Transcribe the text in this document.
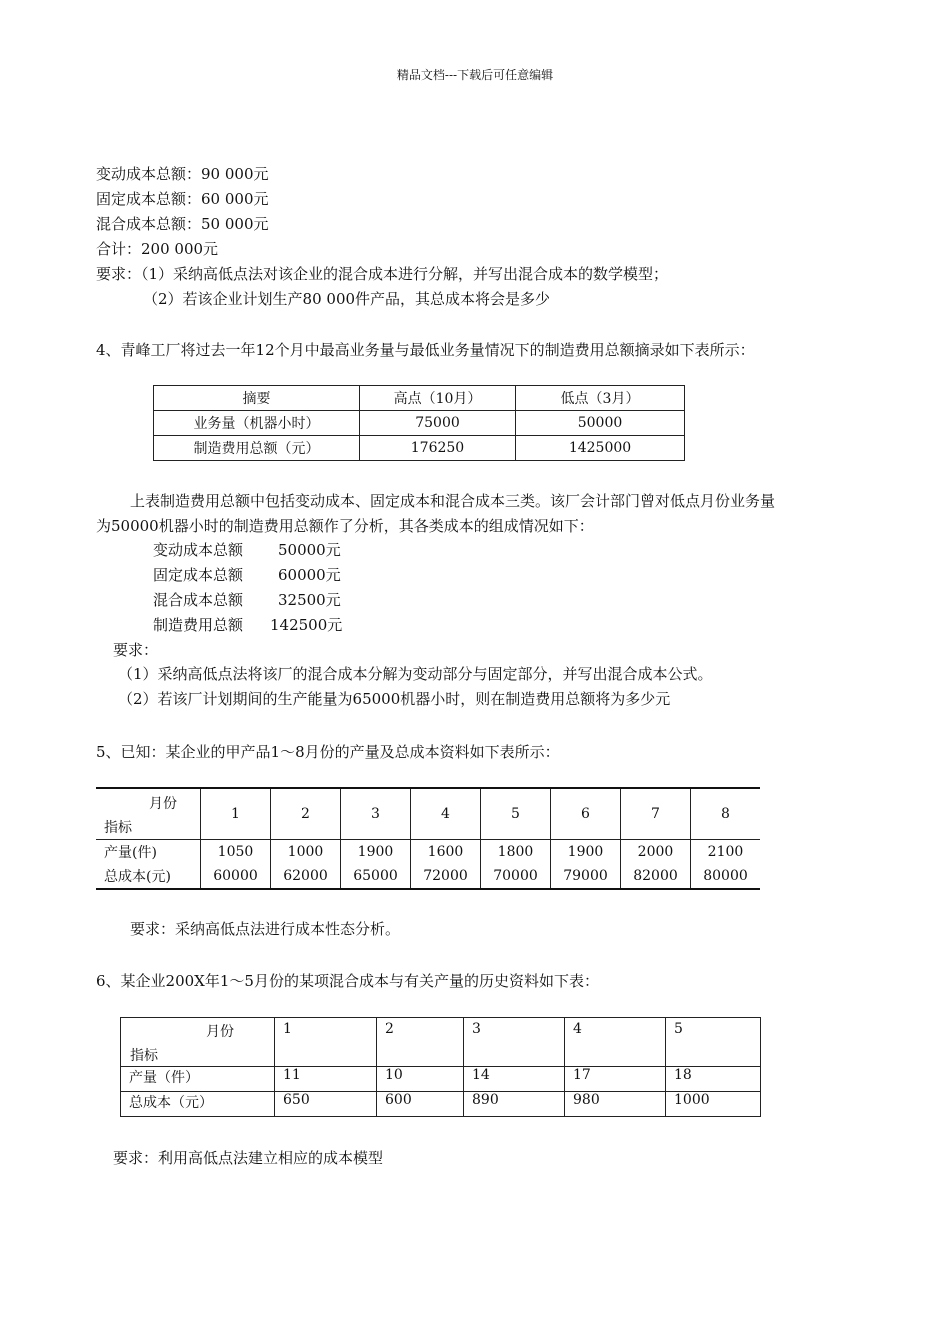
精品文档---下载后可任意编辑
变动成本总额：90 000元
固定成本总额：60 000元
混合成本总额：50 000元
合计：200 000元
要求：（1）采纳高低点法对该企业的混合成本进行分解，并写出混合成本的数学模型；
（2）若该企业计划生产80 000件产品，其总成本将会是多少
4、青峰工厂将过去一年12个月中最高业务量与最低业务量情况下的制造费用总额摘录如下表所示：
摘要	高点（10月）	低点（3月）
业务量（机器小时）	75000	50000
制造费用总额（元）	176250	1425000
上表制造费用总额中包括变动成本、固定成本和混合成本三类。该厂会计部门曾对低点月份业务量
为50000机器小时的制造费用总额作了分析，其各类成本的组成情况如下：
变动成本总额 50000元
固定成本总额 60000元
混合成本总额 32500元
制造费用总额 142500元
要求：
（1）采纳高低点法将该厂的混合成本分解为变动部分与固定部分，并写出混合成本公式。
（2）若该厂计划期间的生产能量为65000机器小时，则在制造费用总额将为多少元
5、已知：某企业的甲产品1～8月份的产量及总成本资料如下表所示：
月份
指标	1	2	3	4	5	6	7	8
产量(件)	1050	1000	1900	1600	1800	1900	2000	2100
总成本(元)	60000	62000	65000	72000	70000	79000	82000	80000
要求：采纳高低点法进行成本性态分析。
6、某企业200X年1～5月份的某项混合成本与有关产量的历史资料如下表：
月份
指标	1	2	3	4	5
产量（件）	11	10	14	17	18
总成本（元）	650	600	890	980	1000
要求：利用高低点法建立相应的成本模型
